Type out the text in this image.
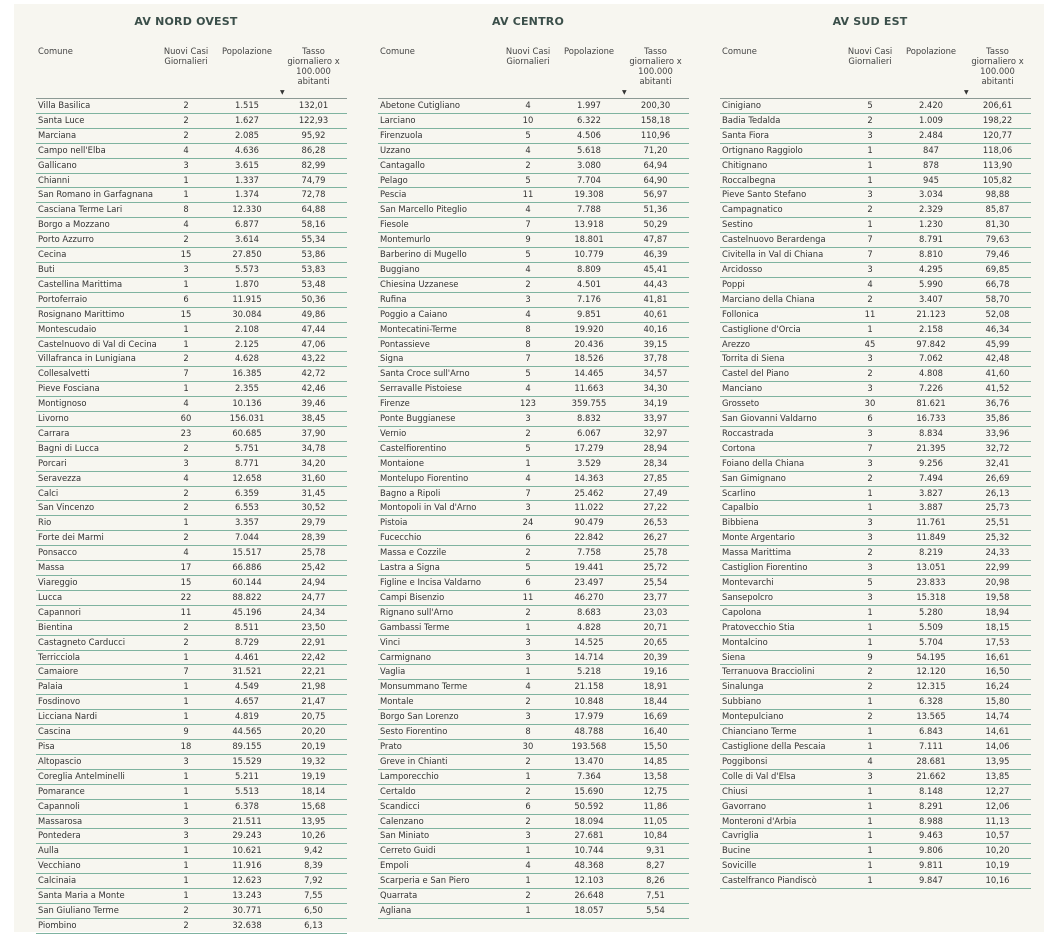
AV NORD OVEST
Comune	Nuovi Casi Giornalieri	Popolazione	Tasso giornaliero x 100.000 abitanti
▼

Villa Basilica	2	1.515	132,01
Santa Luce	2	1.627	122,93
Marciana	2	2.085	95,92
Campo nell'Elba	4	4.636	86,28
Gallicano	3	3.615	82,99
Chianni	1	1.337	74,79
San Romano in Garfagnana	1	1.374	72,78
Casciana Terme Lari	8	12.330	64,88
Borgo a Mozzano	4	6.877	58,16
Porto Azzurro	2	3.614	55,34
Cecina	15	27.850	53,86
Buti	3	5.573	53,83
Castellina Marittima	1	1.870	53,48
Portoferraio	6	11.915	50,36
Rosignano Marittimo	15	30.084	49,86
Montescudaio	1	2.108	47,44
Castelnuovo di Val di Cecina	1	2.125	47,06
Villafranca in Lunigiana	2	4.628	43,22
Collesalvetti	7	16.385	42,72
Pieve Fosciana	1	2.355	42,46
Montignoso	4	10.136	39,46
Livorno	60	156.031	38,45
Carrara	23	60.685	37,90
Bagni di Lucca	2	5.751	34,78
Porcari	3	8.771	34,20
Seravezza	4	12.658	31,60
Calci	2	6.359	31,45
San Vincenzo	2	6.553	30,52
Rio	1	3.357	29,79
Forte dei Marmi	2	7.044	28,39
Ponsacco	4	15.517	25,78
Massa	17	66.886	25,42
Viareggio	15	60.144	24,94
Lucca	22	88.822	24,77
Capannori	11	45.196	24,34
Bientina	2	8.511	23,50
Castagneto Carducci	2	8.729	22,91
Terricciola	1	4.461	22,42
Camaiore	7	31.521	22,21
Palaia	1	4.549	21,98
Fosdinovo	1	4.657	21,47
Licciana Nardi	1	4.819	20,75
Cascina	9	44.565	20,20
Pisa	18	89.155	20,19
Altopascio	3	15.529	19,32
Coreglia Antelminelli	1	5.211	19,19
Pomarance	1	5.513	18,14
Capannoli	1	6.378	15,68
Massarosa	3	21.511	13,95
Pontedera	3	29.243	10,26
Aulla	1	10.621	9,42
Vecchiano	1	11.916	8,39
Calcinaia	1	12.623	7,92
Santa Maria a Monte	1	13.243	7,55
San Giuliano Terme	2	30.771	6,50
Piombino	2	32.638	6,13
AV CENTRO
Comune	Nuovi Casi Giornalieri	Popolazione	Tasso giornaliero x 100.000 abitanti
▼

Abetone Cutigliano	4	1.997	200,30
Larciano	10	6.322	158,18
Firenzuola	5	4.506	110,96
Uzzano	4	5.618	71,20
Cantagallo	2	3.080	64,94
Pelago	5	7.704	64,90
Pescia	11	19.308	56,97
San Marcello Piteglio	4	7.788	51,36
Fiesole	7	13.918	50,29
Montemurlo	9	18.801	47,87
Barberino di Mugello	5	10.779	46,39
Buggiano	4	8.809	45,41
Chiesina Uzzanese	2	4.501	44,43
Rufina	3	7.176	41,81
Poggio a Caiano	4	9.851	40,61
Montecatini-Terme	8	19.920	40,16
Pontassieve	8	20.436	39,15
Signa	7	18.526	37,78
Santa Croce sull'Arno	5	14.465	34,57
Serravalle Pistoiese	4	11.663	34,30
Firenze	123	359.755	34,19
Ponte Buggianese	3	8.832	33,97
Vernio	2	6.067	32,97
Castelfiorentino	5	17.279	28,94
Montaione	1	3.529	28,34
Montelupo Fiorentino	4	14.363	27,85
Bagno a Ripoli	7	25.462	27,49
Montopoli in Val d'Arno	3	11.022	27,22
Pistoia	24	90.479	26,53
Fucecchio	6	22.842	26,27
Massa e Cozzile	2	7.758	25,78
Lastra a Signa	5	19.441	25,72
Figline e Incisa Valdarno	6	23.497	25,54
Campi Bisenzio	11	46.270	23,77
Rignano sull'Arno	2	8.683	23,03
Gambassi Terme	1	4.828	20,71
Vinci	3	14.525	20,65
Carmignano	3	14.714	20,39
Vaglia	1	5.218	19,16
Monsummano Terme	4	21.158	18,91
Montale	2	10.848	18,44
Borgo San Lorenzo	3	17.979	16,69
Sesto Fiorentino	8	48.788	16,40
Prato	30	193.568	15,50
Greve in Chianti	2	13.470	14,85
Lamporecchio	1	7.364	13,58
Certaldo	2	15.690	12,75
Scandicci	6	50.592	11,86
Calenzano	2	18.094	11,05
San Miniato	3	27.681	10,84
Cerreto Guidi	1	10.744	9,31
Empoli	4	48.368	8,27
Scarperia e San Piero	1	12.103	8,26
Quarrata	2	26.648	7,51
Agliana	1	18.057	5,54
AV SUD EST
Comune	Nuovi Casi Giornalieri	Popolazione	Tasso giornaliero x 100.000 abitanti
▼

Cinigiano	5	2.420	206,61
Badia Tedalda	2	1.009	198,22
Santa Fiora	3	2.484	120,77
Ortignano Raggiolo	1	847	118,06
Chitignano	1	878	113,90
Roccalbegna	1	945	105,82
Pieve Santo Stefano	3	3.034	98,88
Campagnatico	2	2.329	85,87
Sestino	1	1.230	81,30
Castelnuovo Berardenga	7	8.791	79,63
Civitella in Val di Chiana	7	8.810	79,46
Arcidosso	3	4.295	69,85
Poppi	4	5.990	66,78
Marciano della Chiana	2	3.407	58,70
Follonica	11	21.123	52,08
Castiglione d'Orcia	1	2.158	46,34
Arezzo	45	97.842	45,99
Torrita di Siena	3	7.062	42,48
Castel del Piano	2	4.808	41,60
Manciano	3	7.226	41,52
Grosseto	30	81.621	36,76
San Giovanni Valdarno	6	16.733	35,86
Roccastrada	3	8.834	33,96
Cortona	7	21.395	32,72
Foiano della Chiana	3	9.256	32,41
San Gimignano	2	7.494	26,69
Scarlino	1	3.827	26,13
Capalbio	1	3.887	25,73
Bibbiena	3	11.761	25,51
Monte Argentario	3	11.849	25,32
Massa Marittima	2	8.219	24,33
Castiglion Fiorentino	3	13.051	22,99
Montevarchi	5	23.833	20,98
Sansepolcro	3	15.318	19,58
Capolona	1	5.280	18,94
Pratovecchio Stia	1	5.509	18,15
Montalcino	1	5.704	17,53
Siena	9	54.195	16,61
Terranuova Bracciolini	2	12.120	16,50
Sinalunga	2	12.315	16,24
Subbiano	1	6.328	15,80
Montepulciano	2	13.565	14,74
Chianciano Terme	1	6.843	14,61
Castiglione della Pescaia	1	7.111	14,06
Poggibonsi	4	28.681	13,95
Colle di Val d'Elsa	3	21.662	13,85
Chiusi	1	8.148	12,27
Gavorrano	1	8.291	12,06
Monteroni d'Arbia	1	8.988	11,13
Cavriglia	1	9.463	10,57
Bucine	1	9.806	10,20
Sovicille	1	9.811	10,19
Castelfranco Piandiscò	1	9.847	10,16
